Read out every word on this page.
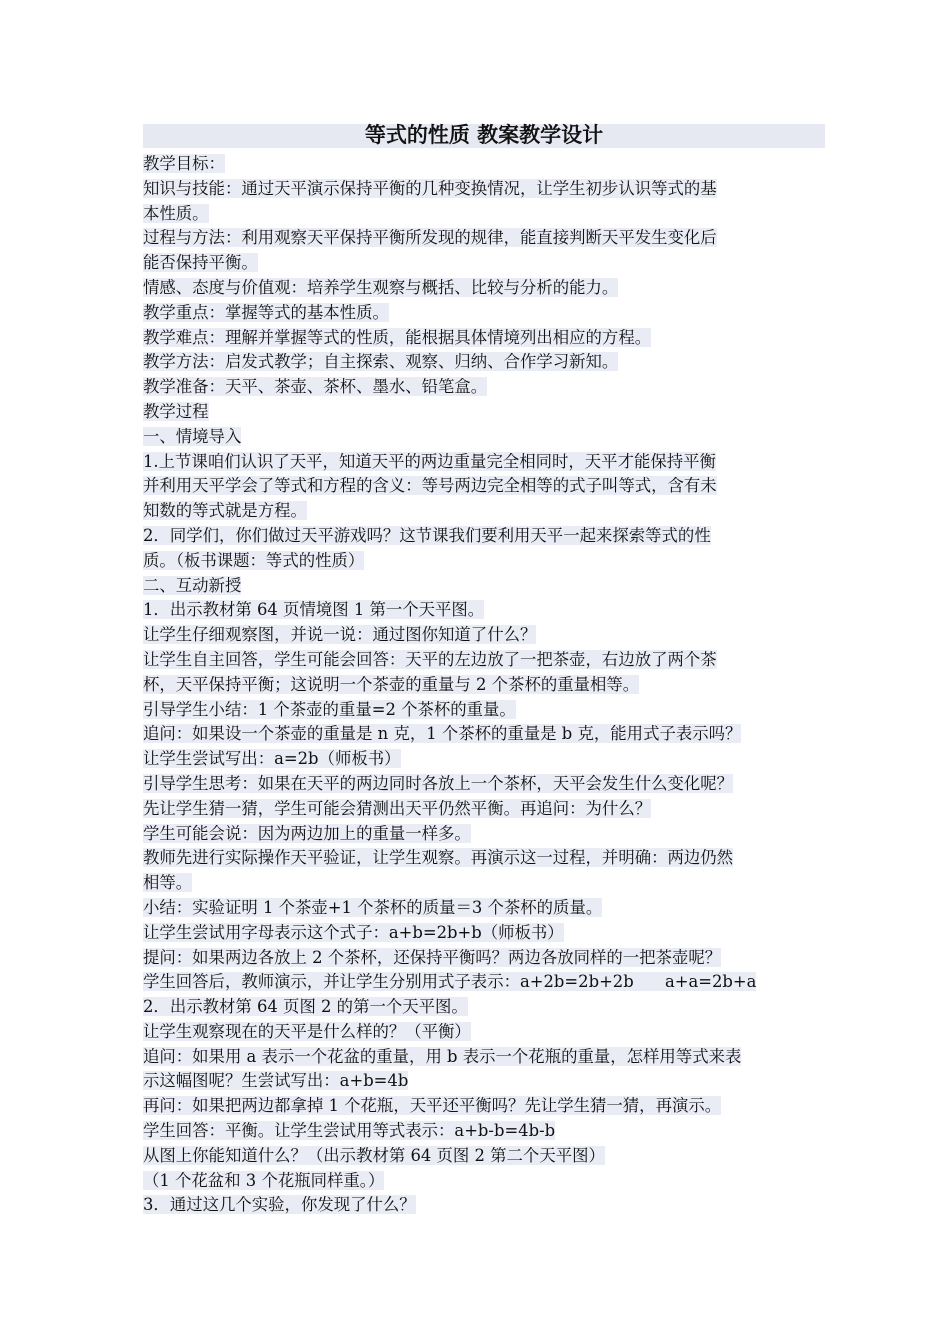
等式的性质 教案教学设计
教学目标：
知识与技能：通过天平演示保持平衡的几种变换情况，让学生初步认识等式的基
本性质。
过程与方法：利用观察天平保持平衡所发现的规律，能直接判断天平发生变化后
能否保持平衡。
情感、态度与价值观：培养学生观察与概括、比较与分析的能力。
教学重点：掌握等式的基本性质。
教学难点：理解并掌握等式的性质，能根据具体情境列出相应的方程。
教学方法：启发式教学；自主探索、观察、归纳、合作学习新知。
教学准备：天平、茶壶、茶杯、墨水、铅笔盒。
教学过程
一、情境导入
1.上节课咱们认识了天平，知道天平的两边重量完全相同时，天平才能保持平衡
并利用天平学会了等式和方程的含义：等号两边完全相等的式子叫等式，含有未
知数的等式就是方程。
2．同学们，你们做过天平游戏吗？这节课我们要利用天平一起来探索等式的性
质。（板书课题：等式的性质）
二、互动新授
1．出示教材第 64 页情境图 1 第一个天平图。
让学生仔细观察图，并说一说：通过图你知道了什么？
让学生自主回答，学生可能会回答：天平的左边放了一把茶壶，右边放了两个茶
杯，天平保持平衡；这说明一个茶壶的重量与 2 个茶杯的重量相等。
引导学生小结：1 个茶壶的重量=2 个茶杯的重量。
追问：如果设一个茶壶的重量是 n 克，1 个茶杯的重量是 b 克，能用式子表示吗？
让学生尝试写出：a=2b（师板书）
引导学生思考：如果在天平的两边同时各放上一个茶杯，天平会发生什么变化呢？
先让学生猜一猜，学生可能会猜测出天平仍然平衡。再追问：为什么？
学生可能会说：因为两边加上的重量一样多。
教师先进行实际操作天平验证，让学生观察。再演示这一过程，并明确：两边仍然
相等。
小结：实验证明 1 个茶壶+1 个茶杯的质量＝3 个茶杯的质量。
让学生尝试用字母表示这个式子：a+b=2b+b（师板书）
提问：如果两边各放上 2 个茶杯，还保持平衡吗？两边各放同样的一把茶壶呢？
学生回答后，教师演示，并让学生分别用式子表示：a+2b=2b+2b      a+a=2b+a
2．出示教材第 64 页图 2 的第一个天平图。
让学生观察现在的天平是什么样的？（平衡）
追问：如果用 a 表示一个花盆的重量，用 b 表示一个花瓶的重量，怎样用等式来表
示这幅图呢？生尝试写出：a+b=4b
再问：如果把两边都拿掉 1 个花瓶，天平还平衡吗？先让学生猜一猜，再演示。
学生回答：平衡。让学生尝试用等式表示：a+b-b=4b-b
从图上你能知道什么？（出示教材第 64 页图 2 第二个天平图）
（1 个花盆和 3 个花瓶同样重。）
3．通过这几个实验，你发现了什么？
